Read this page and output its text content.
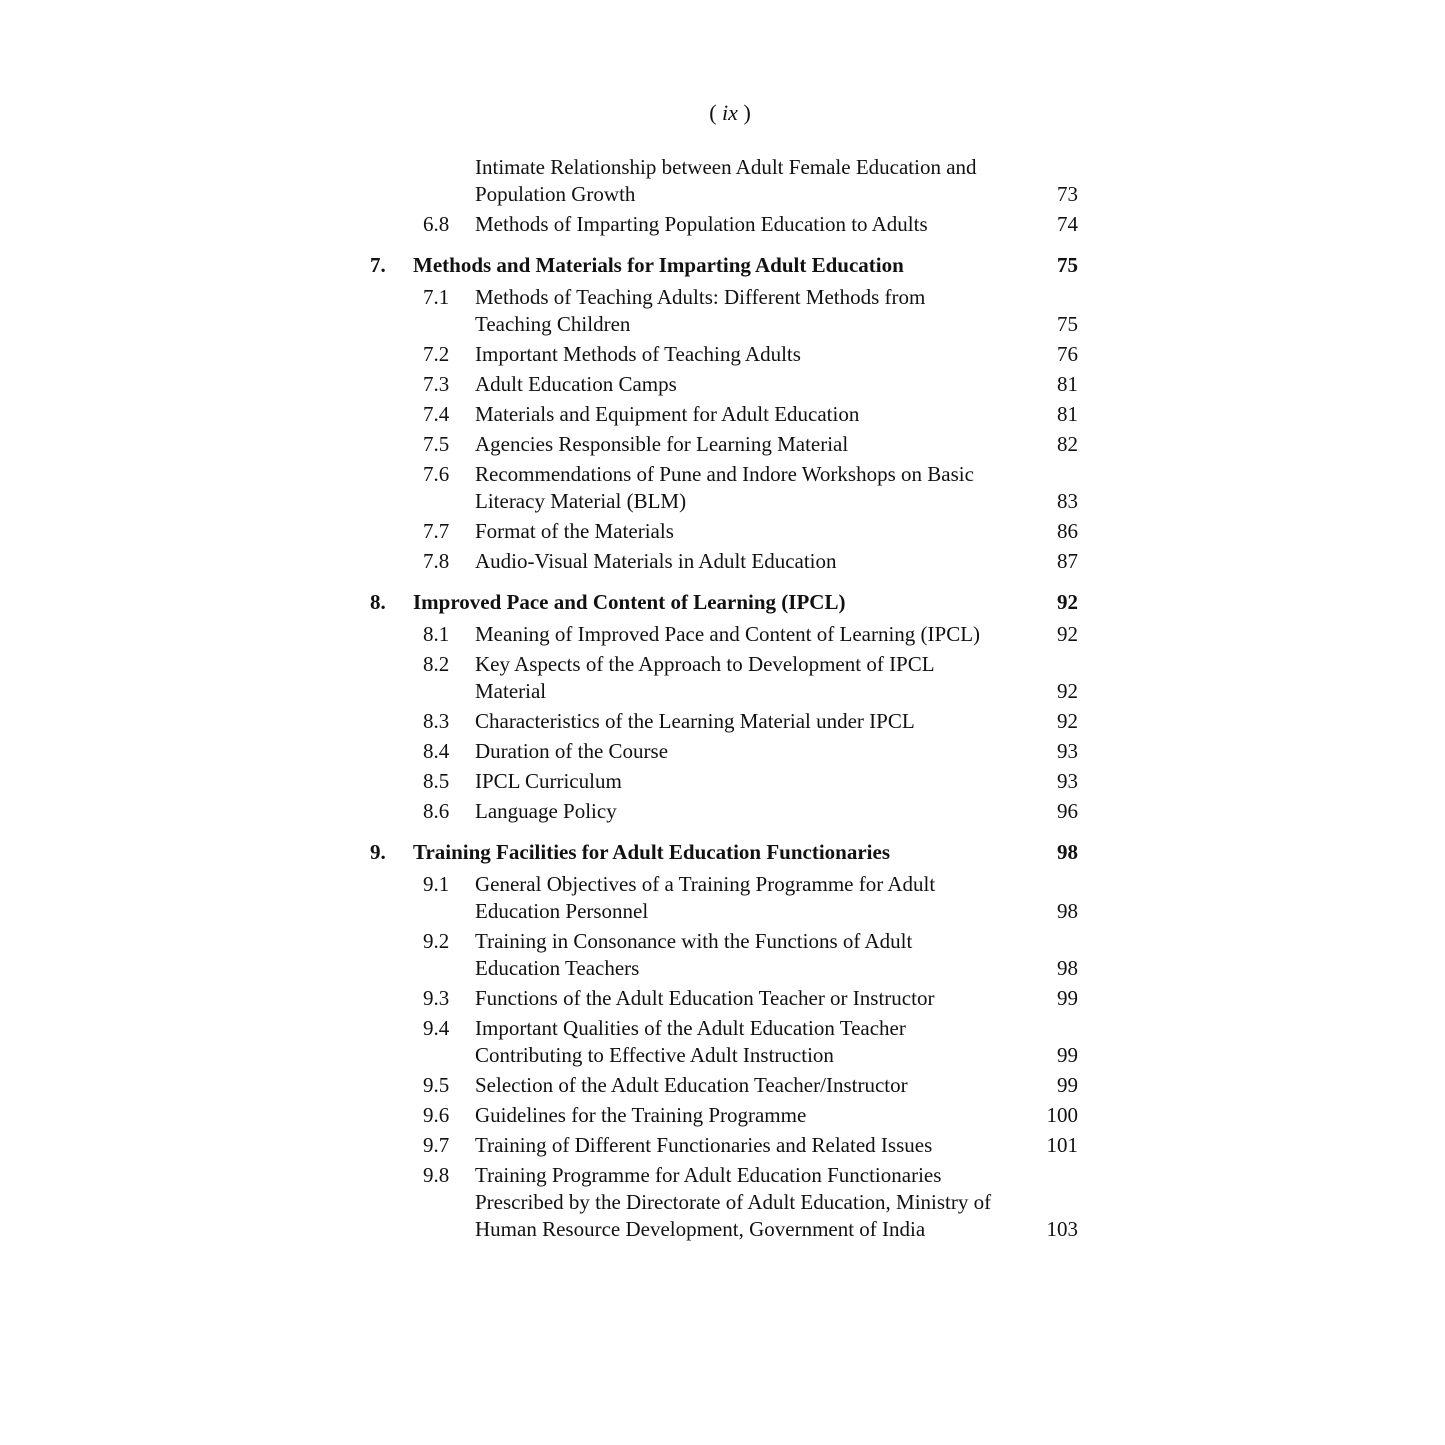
( ix )
Intimate Relationship between Adult Female Education and Population Growth	73
6.8	Methods of Imparting Population Education to Adults	74
7.	Methods and Materials for Imparting Adult Education	75
7.1	Methods of Teaching Adults: Different Methods from Teaching Children	75
7.2	Important Methods of Teaching Adults	76
7.3	Adult Education Camps	81
7.4	Materials and Equipment for Adult Education	81
7.5	Agencies Responsible for Learning Material	82
7.6	Recommendations of Pune and Indore Workshops on Basic Literacy Material (BLM)	83
7.7	Format of the Materials	86
7.8	Audio-Visual Materials in Adult Education	87
8.	Improved Pace and Content of Learning (IPCL)	92
8.1	Meaning of Improved Pace and Content of Learning (IPCL)	92
8.2	Key Aspects of the Approach to Development of IPCL Material	92
8.3	Characteristics of the Learning Material under IPCL	92
8.4	Duration of the Course	93
8.5	IPCL Curriculum	93
8.6	Language Policy	96
9.	Training Facilities for Adult Education Functionaries	98
9.1	General Objectives of a Training Programme for Adult Education Personnel	98
9.2	Training in Consonance with the Functions of Adult Education Teachers	98
9.3	Functions of the Adult Education Teacher or Instructor	99
9.4	Important Qualities of the Adult Education Teacher Contributing to Effective Adult Instruction	99
9.5	Selection of the Adult Education Teacher/Instructor	99
9.6	Guidelines for the Training Programme	100
9.7	Training of Different Functionaries and Related Issues	101
9.8	Training Programme for Adult Education Functionaries Prescribed by the Directorate of Adult Education, Ministry of Human Resource Development, Government of India	103
